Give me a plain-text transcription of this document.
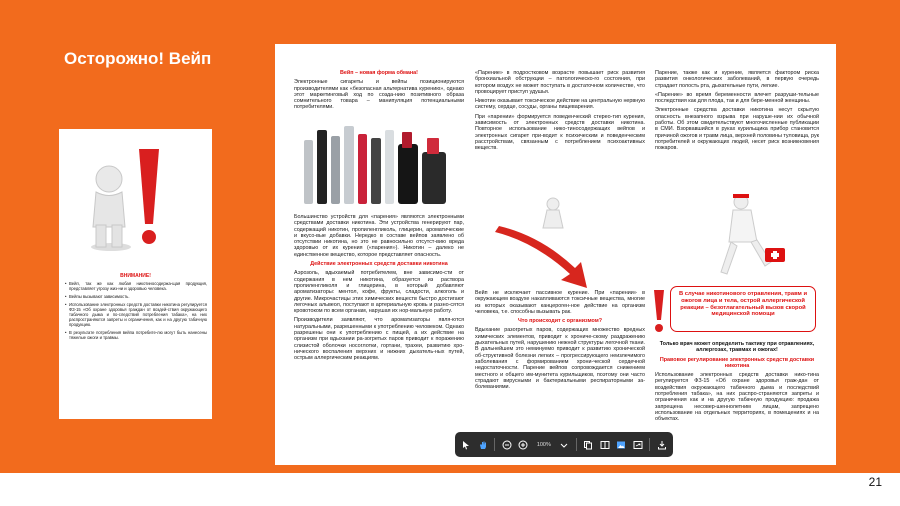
Осторожно! Вейп
21
ВНИМАНИЕ!
• Вейп, так же как любая никотиносодержа-щая продукция, представляет угрозу жиз-ни и здоровью человека.
• Вейпы вызывают зависимость.
• Использование электронных средств доставки никотина регулируется ФЗ-15 «Об охране здоровья граждан от воздей-ствия окружающего табачного дыма и по-следствий потребления табака», на них распространяются запреты и ограничения, как и на другую табачную продукцию.
• В результате потребления вейпа потребите-лю могут быть нанесены тяжелые ожоги и травмы.

Вейп – новая форма обмана!

Электронные сигареты и вейпы позиционируются производителями как «безопасная альтернатива курению», однако этот маркетинговый ход по созда-нию позитивного образа сомнительного товара – манипуляция потенциальными потребителями.

Большинство устройств для «парения» являются электронными средствами доставки никотина. Эти устройства генерируют пар, содержащий никотин, пропиленгликоль, глицерин, ароматические и вкусо-вые добавки. Нередко в составе вейпов заявлено об отсутствии никотина, но это не равносильно отсутст-вию вреда здоровью от их курения («парения»). Никотин – далеко не единственное вещество, которое представляет опасность.

Действие электронных средств доставки никотина

Аэрозоль, вдыхаемый потребителем, вне зависимо-сти от содержания в нем никотина, образуется из раствора пропиленгликоля и глицерина, в который добавляют ароматизаторы: ментол, кофе, фрукты, сладости, алкоголь и другие. Микрочастицы этих химических веществ быстро достигают легочных альвеол, поступают в артериальную кровь и разно-сятся кровотоком по всем органам, нарушая их нор-мальную работу.

Производители заявляют, что ароматизаторы явля-ются натуральными, разрешенными к употреблению человеком. Однако разрешены они к употреблению с пищей, а их действие на организм при вдыхании ра-зогретых паров приводит к поражению слизистой оболочки носоглотки, гортани, трахеи, развитию хро-нического воспаления верхних и нижних дыхатель-ных путей, острым аллергическим реакциям.

«Парение» в подростковом возрасте повышает риск развития бронхиальной обструкции – патологическо-го состояния, при котором воздух не может поступать в достаточном количестве, что провоцирует приступ удушья.

Никотин оказывает токсическое действие на центральную нервную систему, сердце, сосуды, органы пищеварения.

При «парении» формируется поведенческий стерео-тип курения, зависимость от электронных средств доставки никотина. Повторное использование нико-тиносодержащих вейпов и электронных сигарет при-водит к психическим и поведенческим расстройствам, связанным с потреблением психоактивных веществ.

Вейп не исключает пассивное курение. При «парении» в окружающем воздухе накапливаются токсичные вещества, многие из которых оказывают канцероген-ное действие на организм человека, т.е. способны вызывать рак.

Что происходит с организмом?

Вдыхание разогретых паров, содержащих множество вредных химических элементов, приводит к хрониче-скому раздражению дыхательных путей, нарушению нежной структуры легочной ткани. В дальнейшем это неминуемо приводит к развитию хронической об-структивной болезни легких – прогрессирующего неизлечимого заболевания с формированием хрони-ческой сердечной недостаточности. Парение вейпов сопровождается снижением местного и общего им-мунитета курильщиков, поэтому они часто страдают вирусными и бактериальными респираторными за-болеваниями.

Парение, также как и курение, является фактором риска развития онкологических заболеваний, в первую очередь страдает полость рта, дыхательные пути, легкие.

«Парение» во время беременности влечет разруши-тельные последствия как для плода, так и для бере-менной женщины.

Электронные средства доставки никотина несут скрытую опасность внезапного взрыва при наруше-нии их обычной работы. Об этом свидетельствуют многочисленные публикации в СМИ. Взорвавшийся в руках курильщика прибор становится причиной ожогов и травм лица, верхней половины туловища, рук потребителей и окружающих людей, несет риск возникновения пожаров.

В случае никотинового отравления, травм и ожогов лица и тела, острой аллергической реакции – безотлагательный вызов скорой медицинской помощи

Только врач может определить тактику при отравлениях, аллергозах, травмах и ожогах!

Правовое регулирование электронных средств доставки никотина

Использование электронных средств доставки нико-тина регулируется ФЗ-15 «Об охране здоровья граж-дан от воздействия окружающего табачного дыма и последствий потребления табака», на них распро-страняются запреты и ограничения как и на другую табачную продукцию: продажа запрещена несовер-шеннолетним лицам, запрещено использование на отдельных территориях, в помещениях и на объектах.

100%
